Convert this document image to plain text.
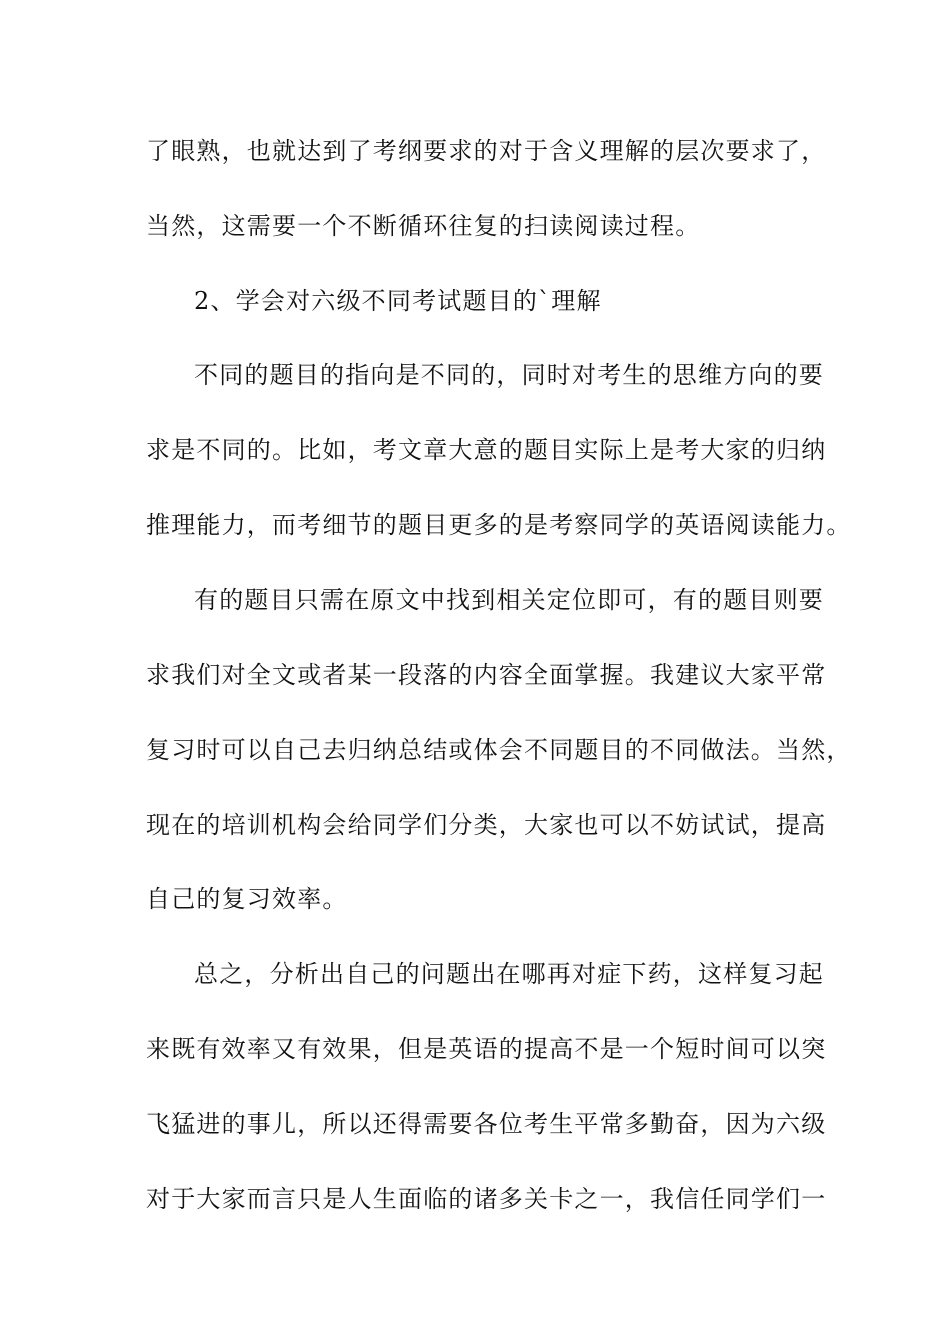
了眼熟，也就达到了考纲要求的对于含义理解的层次要求了，
当然，这需要一个不断循环往复的扫读阅读过程。
2、学会对六级不同考试题目的`理解
不同的题目的指向是不同的，同时对考生的思维方向的要
求是不同的。比如，考文章大意的题目实际上是考大家的归纳
推理能力，而考细节的题目更多的是考察同学的英语阅读能力。
有的题目只需在原文中找到相关定位即可，有的题目则要
求我们对全文或者某一段落的内容全面掌握。我建议大家平常
复习时可以自己去归纳总结或体会不同题目的不同做法。当然，
现在的培训机构会给同学们分类，大家也可以不妨试试，提高
自己的复习效率。
总之，分析出自己的问题出在哪再对症下药，这样复习起
来既有效率又有效果，但是英语的提高不是一个短时间可以突
飞猛进的事儿，所以还得需要各位考生平常多勤奋，因为六级
对于大家而言只是人生面临的诸多关卡之一，我信任同学们一
